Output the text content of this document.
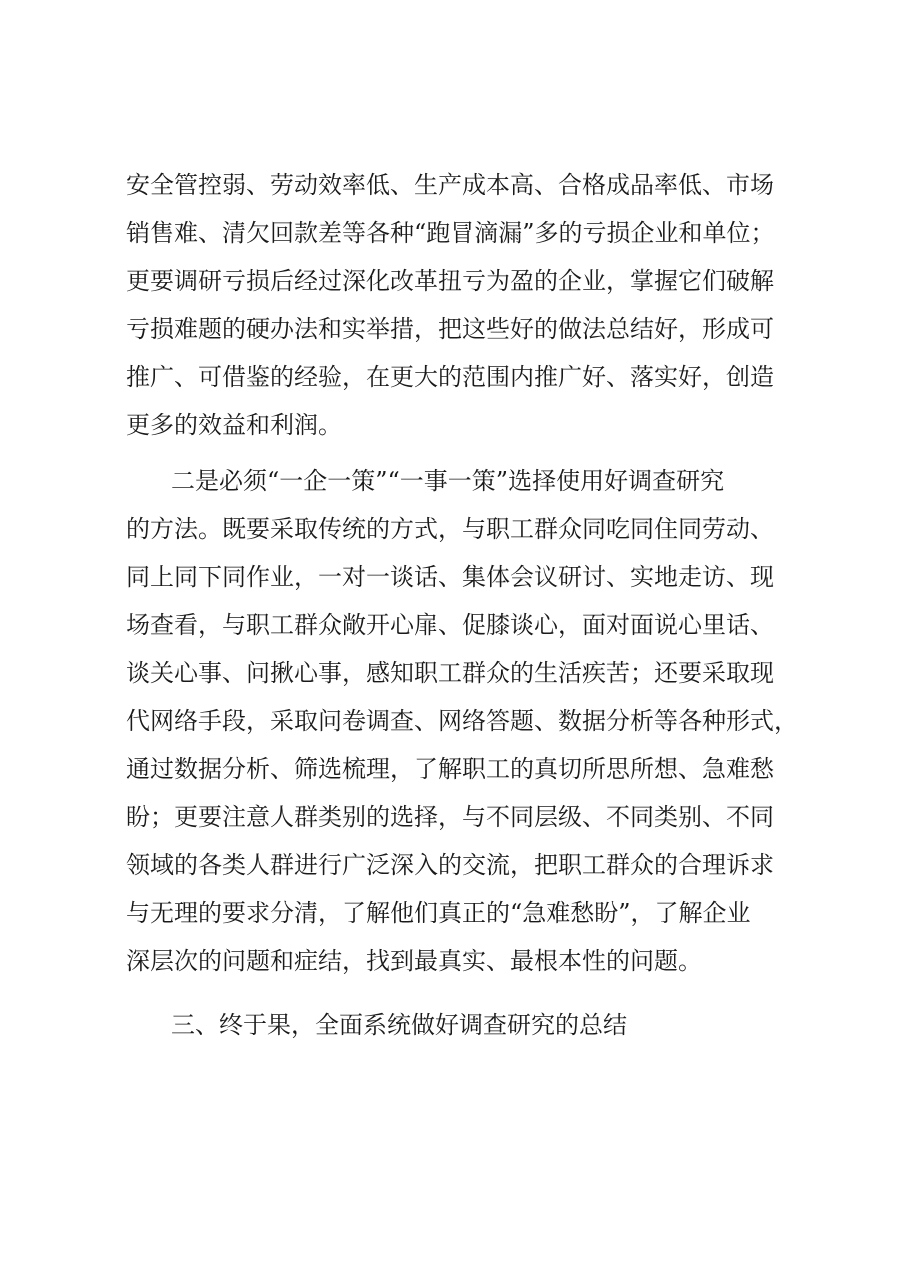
安全管控弱、劳动效率低、生产成本高、合格成品率低、市场
销售难、清欠回款差等各种“跑冒滴漏”多的亏损企业和单位；
更要调研亏损后经过深化改革扭亏为盈的企业，掌握它们破解
亏损难题的硬办法和实举措，把这些好的做法总结好，形成可
推广、可借鉴的经验，在更大的范围内推广好、落实好，创造
更多的效益和利润。
二是必须“一企一策”“一事一策”选择使用好调查研究
的方法。既要采取传统的方式，与职工群众同吃同住同劳动、
同上同下同作业，一对一谈话、集体会议研讨、实地走访、现
场查看，与职工群众敞开心扉、促膝谈心，面对面说心里话、
谈关心事、问揪心事，感知职工群众的生活疾苦；还要采取现
代网络手段，采取问卷调查、网络答题、数据分析等各种形式，
通过数据分析、筛选梳理，了解职工的真切所思所想、急难愁
盼；更要注意人群类别的选择，与不同层级、不同类别、不同
领域的各类人群进行广泛深入的交流，把职工群众的合理诉求
与无理的要求分清，了解他们真正的“急难愁盼”，了解企业
深层次的问题和症结，找到最真实、最根本性的问题。
三、终于果，全面系统做好调查研究的总结
